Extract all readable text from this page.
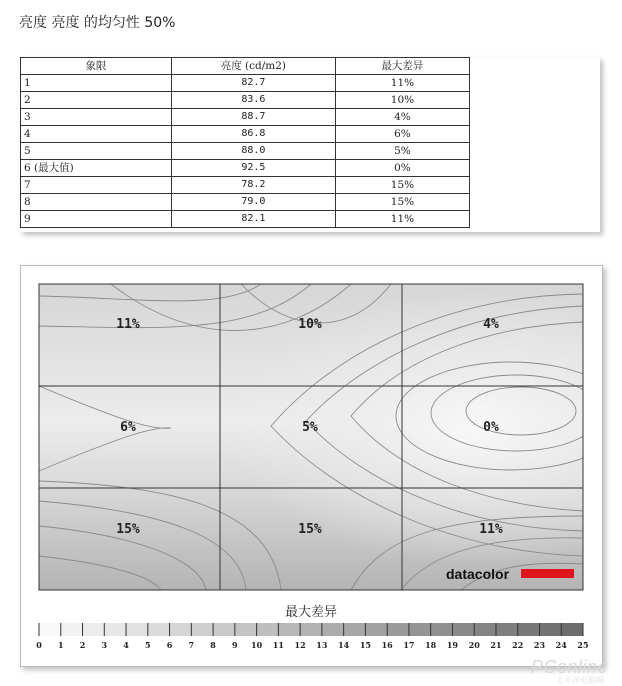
亮度 亮度 的均匀性 50%
象限	亮度 (cd/m2)	最大差异
1	82.7	11%
2	83.6	10%
3	88.7	4%
4	86.8	6%
5	88.0	5%
6 (最大值)	92.5	0%
7	78.2	15%
8	79.0	15%
9	82.1	11%
11%	10%	4%
6%	5%	0%
15%	15%	11%
datacolor
最大差异
0 1 2 3 4 5 6 7 8 9 10 11 12 13 14 15 16 17 18 19 20 21 22 23 24 25
PConline
太平洋电脑网
